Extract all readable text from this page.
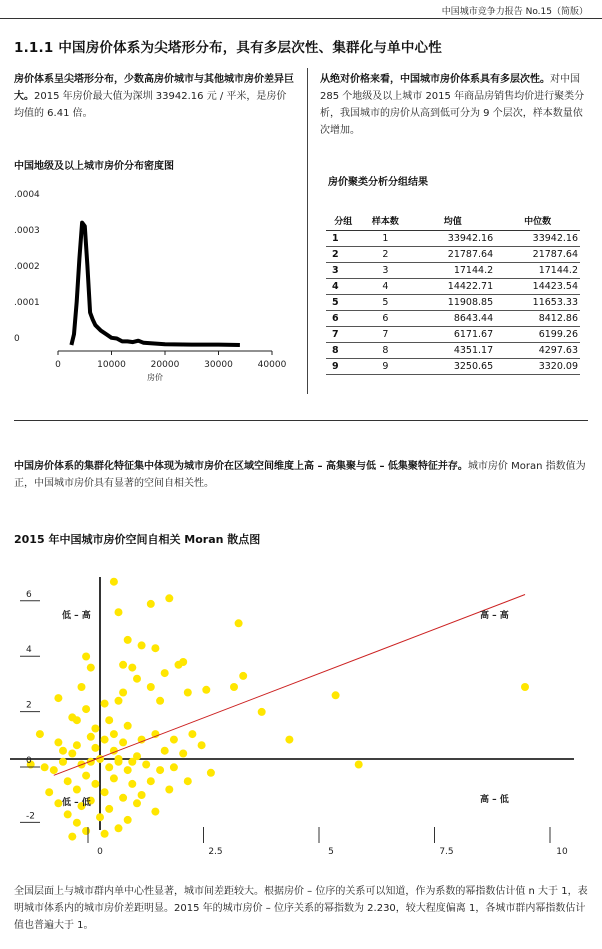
中国城市竞争力报告 No.15（简版）
1.1.1 中国房价体系为尖塔形分布，具有多层次性、集群化与单中心性
房价体系呈尖塔形分布，少数高房价城市与其他城市房价差异巨大。2015 年房价最大值为深圳 33942.16 元 / 平米，是房价均值的 6.41 倍。
从绝对价格来看，中国城市房价体系具有多层次性。对中国 285 个地级及以上城市 2015 年商品房销售均价进行聚类分析，我国城市的房价从高到低可分为 9 个层次，样本数量依次增加。
中国地级及以上城市房价分布密度图
0
.0001
.0002
.0003
.0004
0	10000	20000	30000	40000
房价
房价聚类分析分组结果
分组	样本数	均值	中位数
1	1	33942.16	33942.16
2	2	21787.64	21787.64
3	3	17144.2	17144.2
4	4	14422.71	14423.54
5	5	11908.85	11653.33
6	6	8643.44	8412.86
7	7	6171.67	6199.26
8	8	4351.17	4297.63
9	9	3250.65	3320.09
中国房价体系的集群化特征集中体现为城市房价在区域空间维度上高 – 高集聚与低 – 低集聚特征并存。城市房价 Moran 指数值为正，中国城市房价具有显著的空间自相关性。
2015 年中国城市房价空间自相关 Moran 散点图
-2
0
2
4
6
0	2.5	5	7.5	10
高 – 高
低 – 高
低 – 低	高 – 低
全国层面上与城市群内单中心性显著，城市间差距较大。根据房价 – 位序的关系可以知道，作为系数的幂指数估计值 n 大于 1，表明城市体系内的城市房价差距明显。2015 年的城市房价 – 位序关系的幂指数为 2.230，较大程度偏离 1，各城市群内幂指数估计值也普遍大于 1。
